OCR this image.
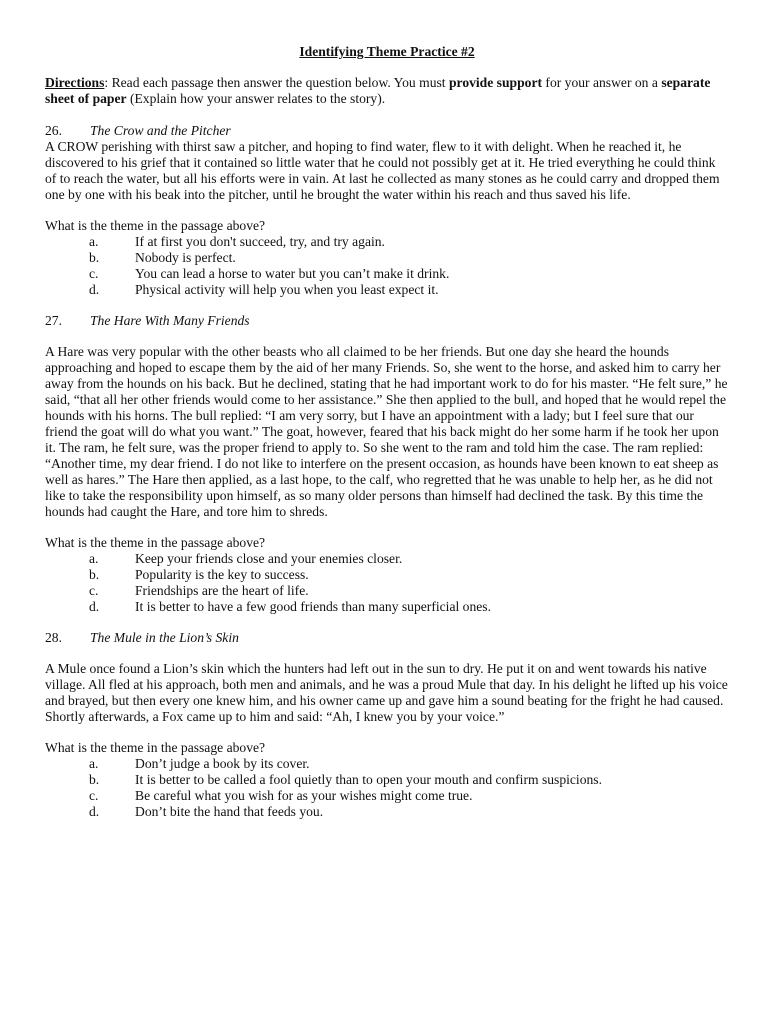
Identifying Theme Practice #2

Directions: Read each passage then answer the question below. You must provide support for your answer on a separate sheet of paper (Explain how your answer relates to the story).

26. The Crow and the Pitcher

A CROW perishing with thirst saw a pitcher, and hoping to find water, flew to it with delight. When he reached it, he discovered to his grief that it contained so little water that he could not possibly get at it. He tried everything he could think of to reach the water, but all his efforts were in vain. At last he collected as many stones as he could carry and dropped them one by one with his beak into the pitcher, until he brought the water within his reach and thus saved his life.

What is the theme in the passage above?

a.	If at first you don't succeed, try, and try again.
b.	Nobody is perfect.
c.	You can lead a horse to water but you can’t make it drink.
d.	Physical activity will help you when you least expect it.

27. The Hare With Many Friends

A Hare was very popular with the other beasts who all claimed to be her friends. But one day she heard the hounds approaching and hoped to escape them by the aid of her many Friends. So, she went to the horse, and asked him to carry her away from the hounds on his back. But he declined, stating that he had important work to do for his master. “He felt sure,” he said, “that all her other friends would come to her assistance.” She then applied to the bull, and hoped that he would repel the hounds with his horns. The bull replied: “I am very sorry, but I have an appointment with a lady; but I feel sure that our friend the goat will do what you want.” The goat, however, feared that his back might do her some harm if he took her upon it. The ram, he felt sure, was the proper friend to apply to. So she went to the ram and told him the case. The ram replied: “Another time, my dear friend. I do not like to interfere on the present occasion, as hounds have been known to eat sheep as well as hares.” The Hare then applied, as a last hope, to the calf, who regretted that he was unable to help her, as he did not like to take the responsibility upon himself, as so many older persons than himself had declined the task. By this time the hounds had caught the Hare, and tore him to shreds.

What is the theme in the passage above?

a.	Keep your friends close and your enemies closer.
b.	Popularity is the key to success.
c.	Friendships are the heart of life.
d.	It is better to have a few good friends than many superficial ones.

28. The Mule in the Lion’s Skin

A Mule once found a Lion’s skin which the hunters had left out in the sun to dry. He put it on and went towards his native village. All fled at his approach, both men and animals, and he was a proud Mule that day. In his delight he lifted up his voice and brayed, but then every one knew him, and his owner came up and gave him a sound beating for the fright he had caused. Shortly afterwards, a Fox came up to him and said: “Ah, I knew you by your voice.”

What is the theme in the passage above?

a.	Don’t judge a book by its cover.
b.	It is better to be called a fool quietly than to open your mouth and confirm suspicions.
c.	Be careful what you wish for as your wishes might come true.
d.	Don’t bite the hand that feeds you.
